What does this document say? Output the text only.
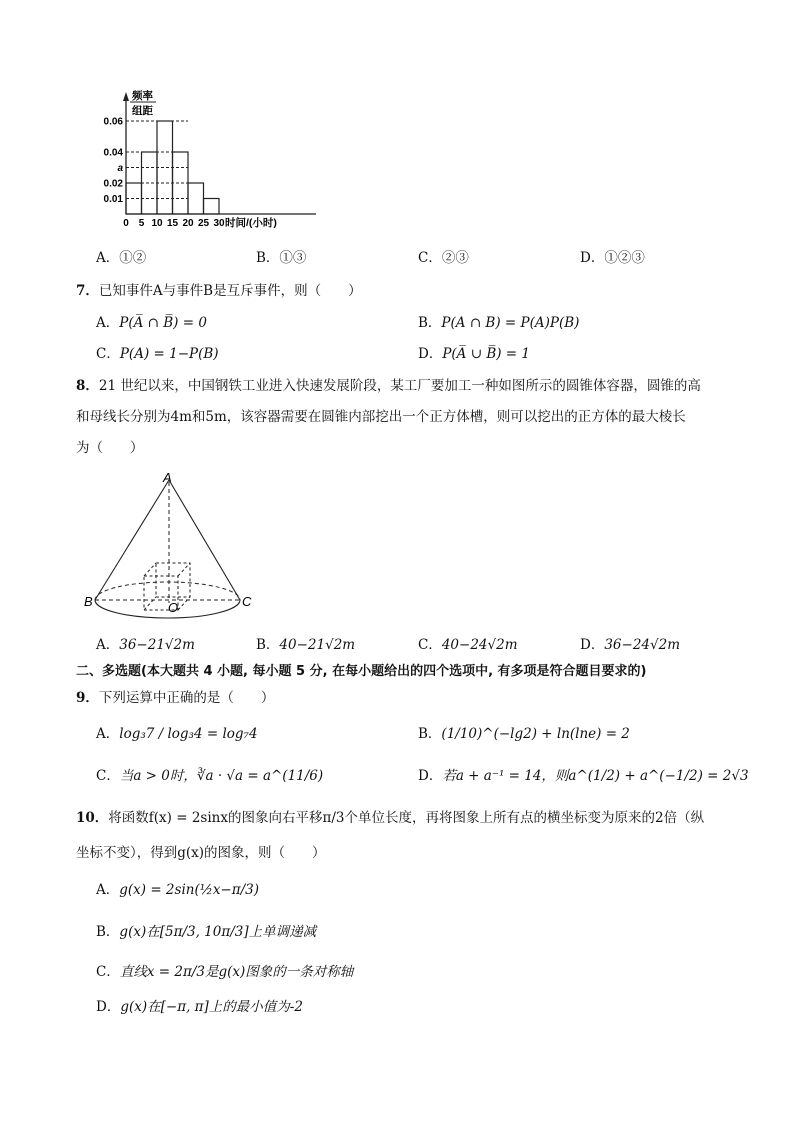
频率
组距
0.06
0.04
a
0.02
0.01
0 5 10 15 20 25 30 时间/(小时)
A．①②	B．①③	C．②③	D．①②③
7．已知事件A与事件B是互斥事件，则（　　）
A．P(A̅ ∩ B̅) = 0	B．P(A ∩ B) = P(A)P(B)
C．P(A) = 1−P(B)	D．P(A̅ ∪ B̅) = 1
8．21 世纪以来，中国钢铁工业进入快速发展阶段，某工厂要加工一种如图所示的圆锥体容器，圆锥的高
和母线长分别为4m和5m，该容器需要在圆锥内部挖出一个正方体槽，则可以挖出的正方体的最大棱长
为（　　）
A
B	C
O
A．36−21√2m	B．40−21√2m	C．40−24√2m	D．36−24√2m
二、多选题(本大题共 4 小题, 每小题 5 分, 在每小题给出的四个选项中, 有多项是符合题目要求的)
9．下列运算中正确的是（　　）
A．log₃7 / log₃4 = log₇4	B．(1/10)^(−lg2) + ln(lne) = 2
C．当a > 0时，∛a · √a = a^(11/6)	D．若a + a⁻¹ = 14，则a^(1/2) + a^(−1/2) = 2√3
10．将函数f(x) = 2sinx的图象向右平移π/3个单位长度，再将图象上所有点的横坐标变为原来的2倍（纵
坐标不变），得到g(x)的图象，则（　　）
A．g(x) = 2sin(½x−π/3)
B．g(x)在[5π/3, 10π/3]上单调递减
C．直线x = 2π/3是g(x)图象的一条对称轴
D．g(x)在[−π, π]上的最小值为-2
